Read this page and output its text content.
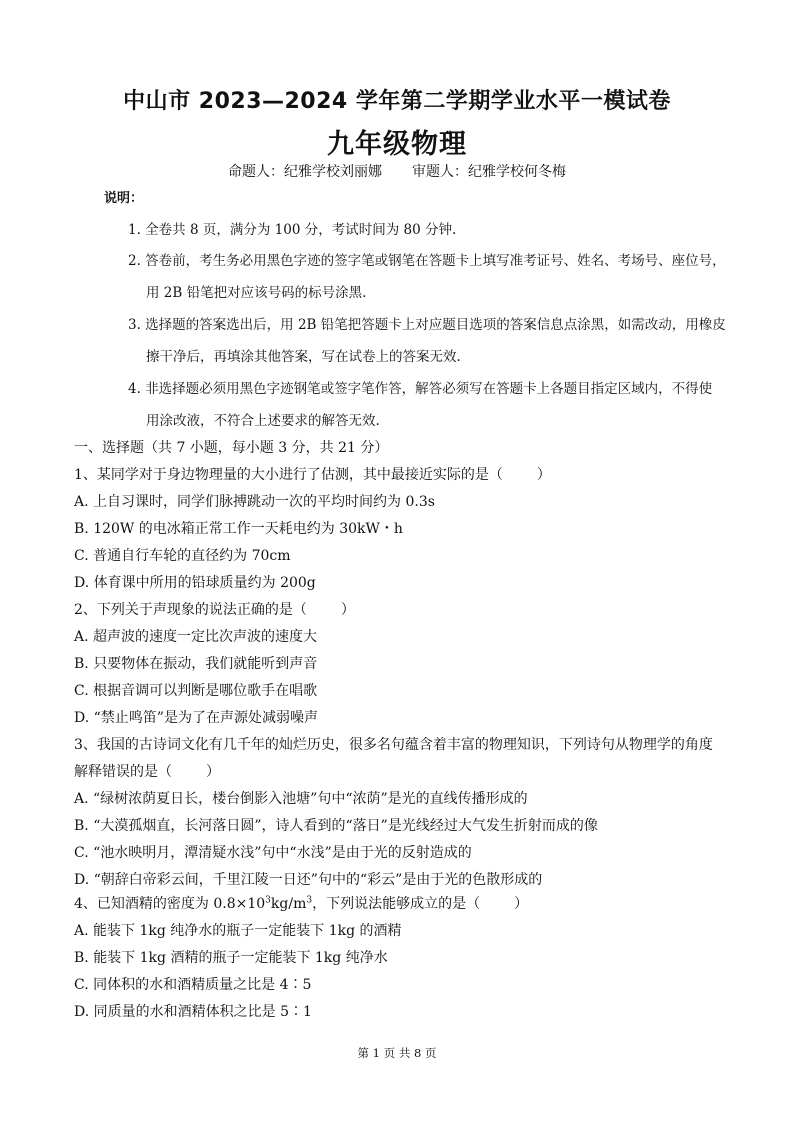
中山市 2023—2024 学年第二学期学业水平一模试卷
九年级物理
命题人：纪雅学校刘丽娜 审题人：纪雅学校何冬梅
说明：
1. 全卷共 8 页，满分为 100 分，考试时间为 80 分钟.
2. 答卷前，考生务必用黑色字迹的签字笔或钢笔在答题卡上填写准考证号、姓名、考场号、座位号，
用 2B 铅笔把对应该号码的标号涂黑.
3. 选择题的答案选出后，用 2B 铅笔把答题卡上对应题目选项的答案信息点涂黑，如需改动，用橡皮
擦干净后，再填涂其他答案，写在试卷上的答案无效.
4. 非选择题必须用黑色字迹钢笔或签字笔作答，解答必须写在答题卡上各题目指定区域内，不得使
用涂改液，不符合上述要求的解答无效.
一、选择题（共 7 小题，每小题 3 分，共 21 分）
1、某同学对于身边物理量的大小进行了估测，其中最接近实际的是（ ）
A. 上自习课时，同学们脉搏跳动一次的平均时间约为 0.3s
B. 120W 的电冰箱正常工作一天耗电约为 30kW・h
C. 普通自行车轮的直径约为 70cm
D. 体育课中所用的铅球质量约为 200g
2、下列关于声现象的说法正确的是（ ）
A. 超声波的速度一定比次声波的速度大
B. 只要物体在振动，我们就能听到声音
C. 根据音调可以判断是哪位歌手在唱歌
D. “禁止鸣笛”是为了在声源处减弱噪声
3、我国的古诗词文化有几千年的灿烂历史，很多名句蕴含着丰富的物理知识，下列诗句从物理学的角度
解释错误的是（ ）
A. “绿树浓荫夏日长，楼台倒影入池塘”句中“浓荫”是光的直线传播形成的
B. “大漠孤烟直，长河落日圆”，诗人看到的“落日”是光线经过大气发生折射而成的像
C. “池水映明月，潭清疑水浅”句中“水浅”是由于光的反射造成的
D. “朝辞白帝彩云间，千里江陵一日还”句中的“彩云”是由于光的色散形成的
4、已知酒精的密度为 $0.8\times 10^3kg/m^3$，下列说法能够成立的是（ ）
A. 能装下 1kg 纯净水的瓶子一定能装下 1kg 的酒精
B. 能装下 1kg 酒精的瓶子一定能装下 1kg 纯净水
C. 同体积的水和酒精质量之比是 4∶5
D. 同质量的水和酒精体积之比是 5∶1
第 1 页 共 8 页
